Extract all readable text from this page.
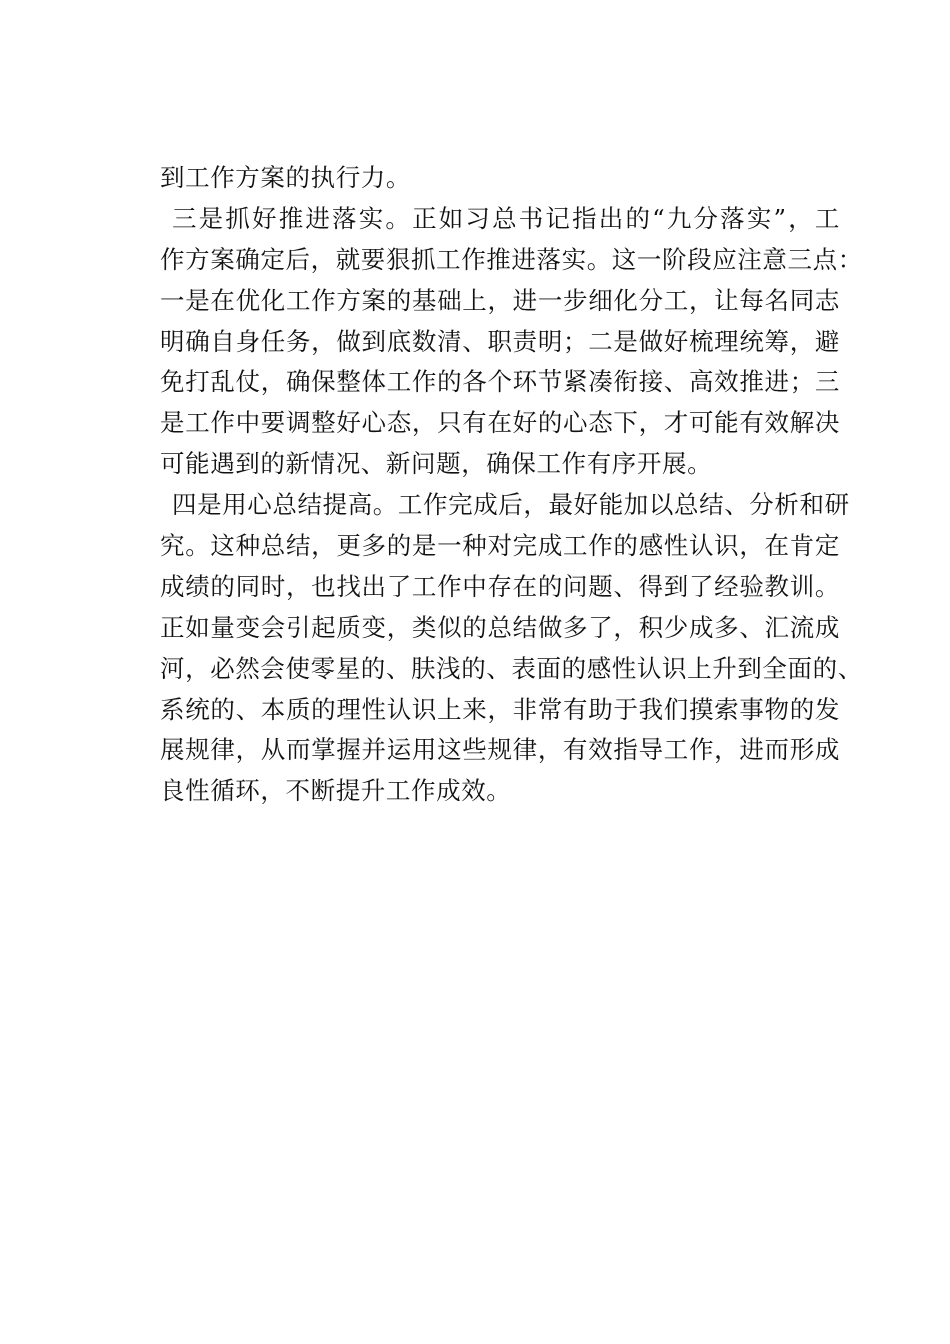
到工作方案的执行力。
三是抓好推进落实。正如习总书记指出的“九分落实”，工
作方案确定后，就要狠抓工作推进落实。这一阶段应注意三点：
一是在优化工作方案的基础上，进一步细化分工，让每名同志
明确自身任务，做到底数清、职责明；二是做好梳理统筹，避
免打乱仗，确保整体工作的各个环节紧凑衔接、高效推进；三
是工作中要调整好心态，只有在好的心态下，才可能有效解决
可能遇到的新情况、新问题，确保工作有序开展。
四是用心总结提高。工作完成后，最好能加以总结、分析和研
究。这种总结，更多的是一种对完成工作的感性认识，在肯定
成绩的同时，也找出了工作中存在的问题、得到了经验教训。
正如量变会引起质变，类似的总结做多了，积少成多、汇流成
河，必然会使零星的、肤浅的、表面的感性认识上升到全面的、
系统的、本质的理性认识上来，非常有助于我们摸索事物的发
展规律，从而掌握并运用这些规律，有效指导工作，进而形成
良性循环，不断提升工作成效。
